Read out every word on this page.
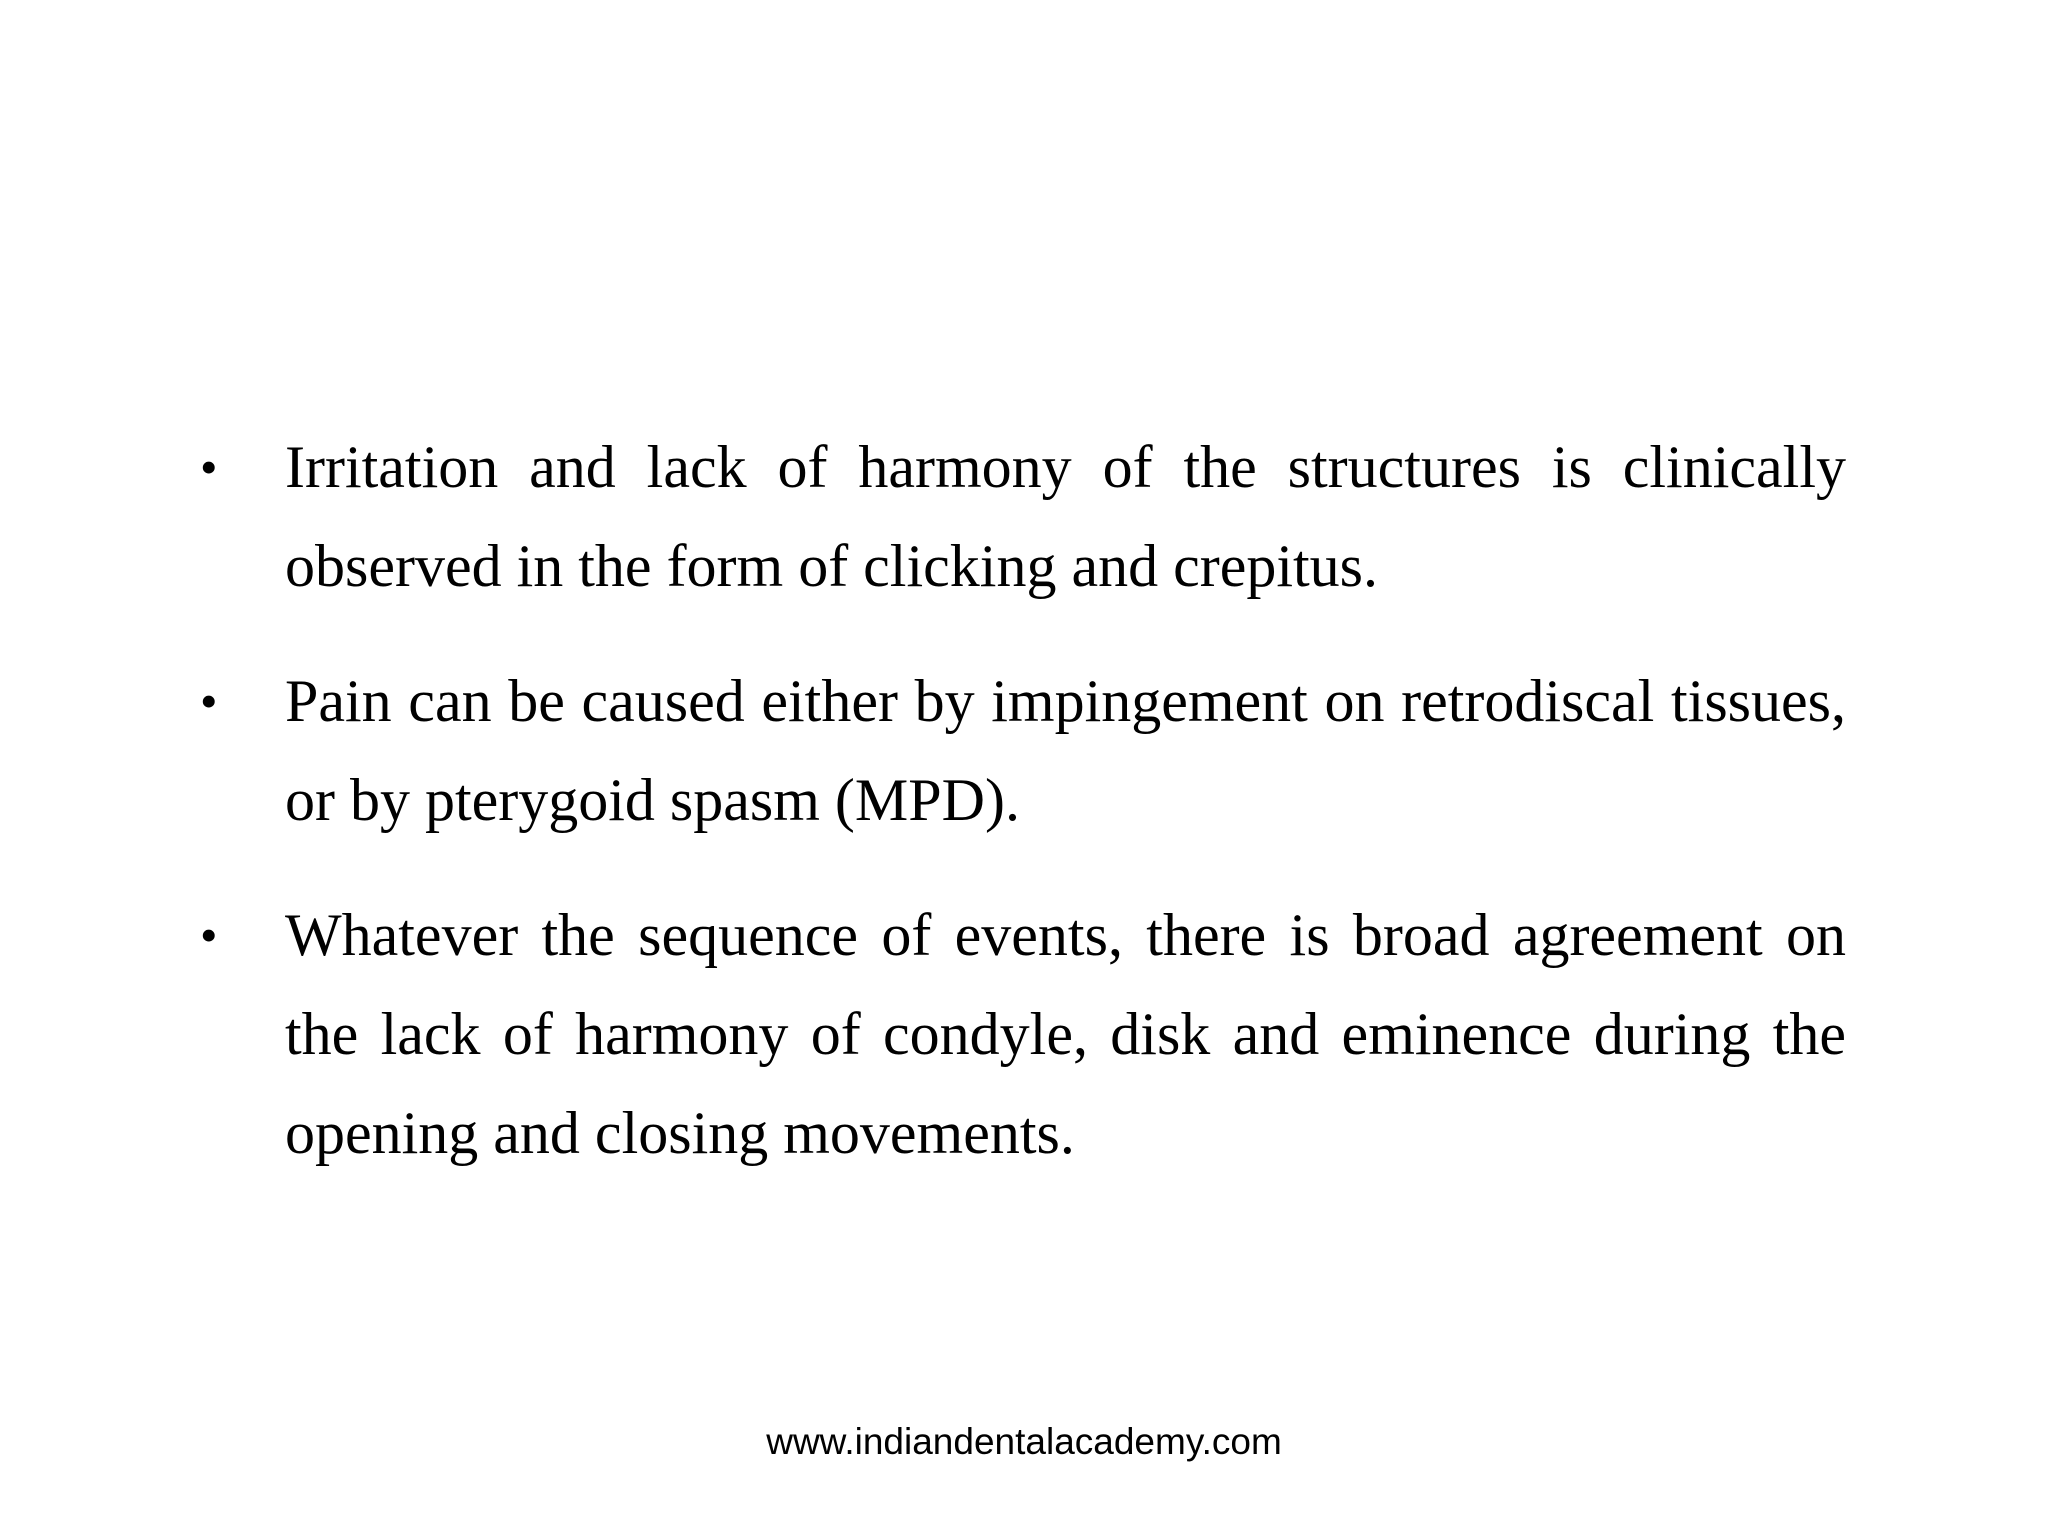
• Irritation and lack of harmony of the structures is clinically observed in the form of clicking and crepitus.
• Pain can be caused either by impingement on retrodiscal tissues, or by pterygoid spasm (MPD).
• Whatever the sequence of events, there is broad agreement on the lack of harmony of condyle, disk and eminence during the opening and closing movements.
www.indiandentalacademy.com
